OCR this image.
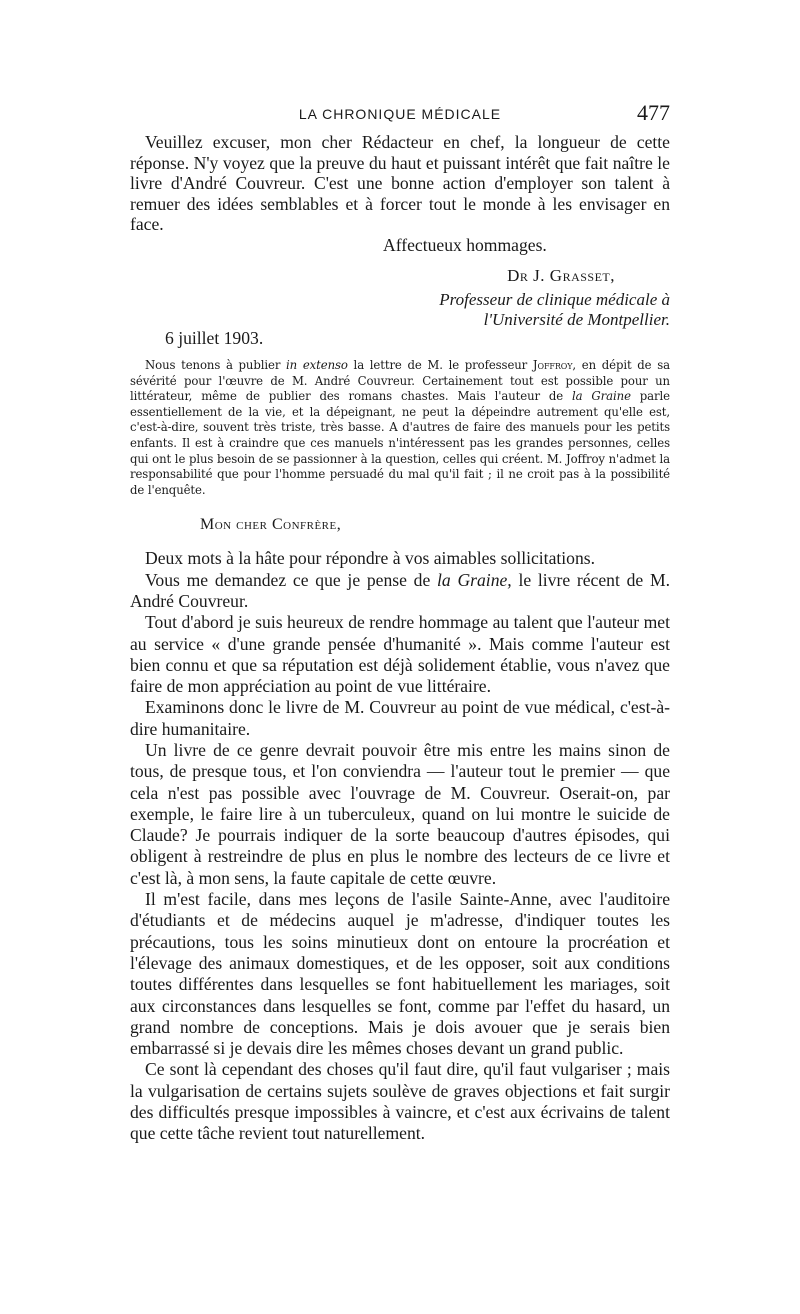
LA CHRONIQUE MÉDICALE	477

Veuillez excuser, mon cher Rédacteur en chef, la longueur de cette réponse. N'y voyez que la preuve du haut et puissant intérêt que fait naître le livre d'André Couvreur. C'est une bonne action d'employer son talent à remuer des idées semblables et à forcer tout le monde à les envisager en face.

Affectueux hommages.
Dr J. Grasset,
Professeur de clinique médicale à
l'Université de Montpellier.
6 juillet 1903.
Nous tenons à publier in extenso la lettre de M. le professeur Joffroy, en dépit de sa sévérité pour l'œuvre de M. André Couvreur. Certainement tout est possible pour un littérateur, même de publier des romans chastes. Mais l'auteur de la Graine parle essentiellement de la vie, et la dépeignant, ne peut la dépeindre autrement qu'elle est, c'est-à-dire, souvent très triste, très basse. A d'autres de faire des manuels pour les petits enfants. Il est à craindre que ces manuels n'intéressent pas les grandes personnes, celles qui ont le plus besoin de se passionner à la question, celles qui créent. M. Joffroy n'admet la responsabilité que pour l'homme persuadé du mal qu'il fait ; il ne croit pas à la possibilité de l'enquête.
Mon cher Confrère,

Deux mots à la hâte pour répondre à vos aimables sollicitations.

Vous me demandez ce que je pense de la Graine, le livre récent de M. André Couvreur.

Tout d'abord je suis heureux de rendre hommage au talent que l'auteur met au service « d'une grande pensée d'humanité ». Mais comme l'auteur est bien connu et que sa réputation est déjà solidement établie, vous n'avez que faire de mon appréciation au point de vue littéraire.

Examinons donc le livre de M. Couvreur au point de vue médical, c'est-à-dire humanitaire.

Un livre de ce genre devrait pouvoir être mis entre les mains sinon de tous, de presque tous, et l'on conviendra — l'auteur tout le premier — que cela n'est pas possible avec l'ouvrage de M. Couvreur. Oserait-on, par exemple, le faire lire à un tuberculeux, quand on lui montre le suicide de Claude? Je pourrais indiquer de la sorte beaucoup d'autres épisodes, qui obligent à restreindre de plus en plus le nombre des lecteurs de ce livre et c'est là, à mon sens, la faute capitale de cette œuvre.

Il m'est facile, dans mes leçons de l'asile Sainte-Anne, avec l'auditoire d'étudiants et de médecins auquel je m'adresse, d'indiquer toutes les précautions, tous les soins minutieux dont on entoure la procréation et l'élevage des animaux domestiques, et de les opposer, soit aux conditions toutes différentes dans lesquelles se font habituellement les mariages, soit aux circonstances dans lesquelles se font, comme par l'effet du hasard, un grand nombre de conceptions. Mais je dois avouer que je serais bien embarrassé si je devais dire les mêmes choses devant un grand public.

Ce sont là cependant des choses qu'il faut dire, qu'il faut vulgariser ; mais la vulgarisation de certains sujets soulève de graves objections et fait surgir des difficultés presque impossibles à vaincre, et c'est aux écrivains de talent que cette tâche revient tout naturellement.
